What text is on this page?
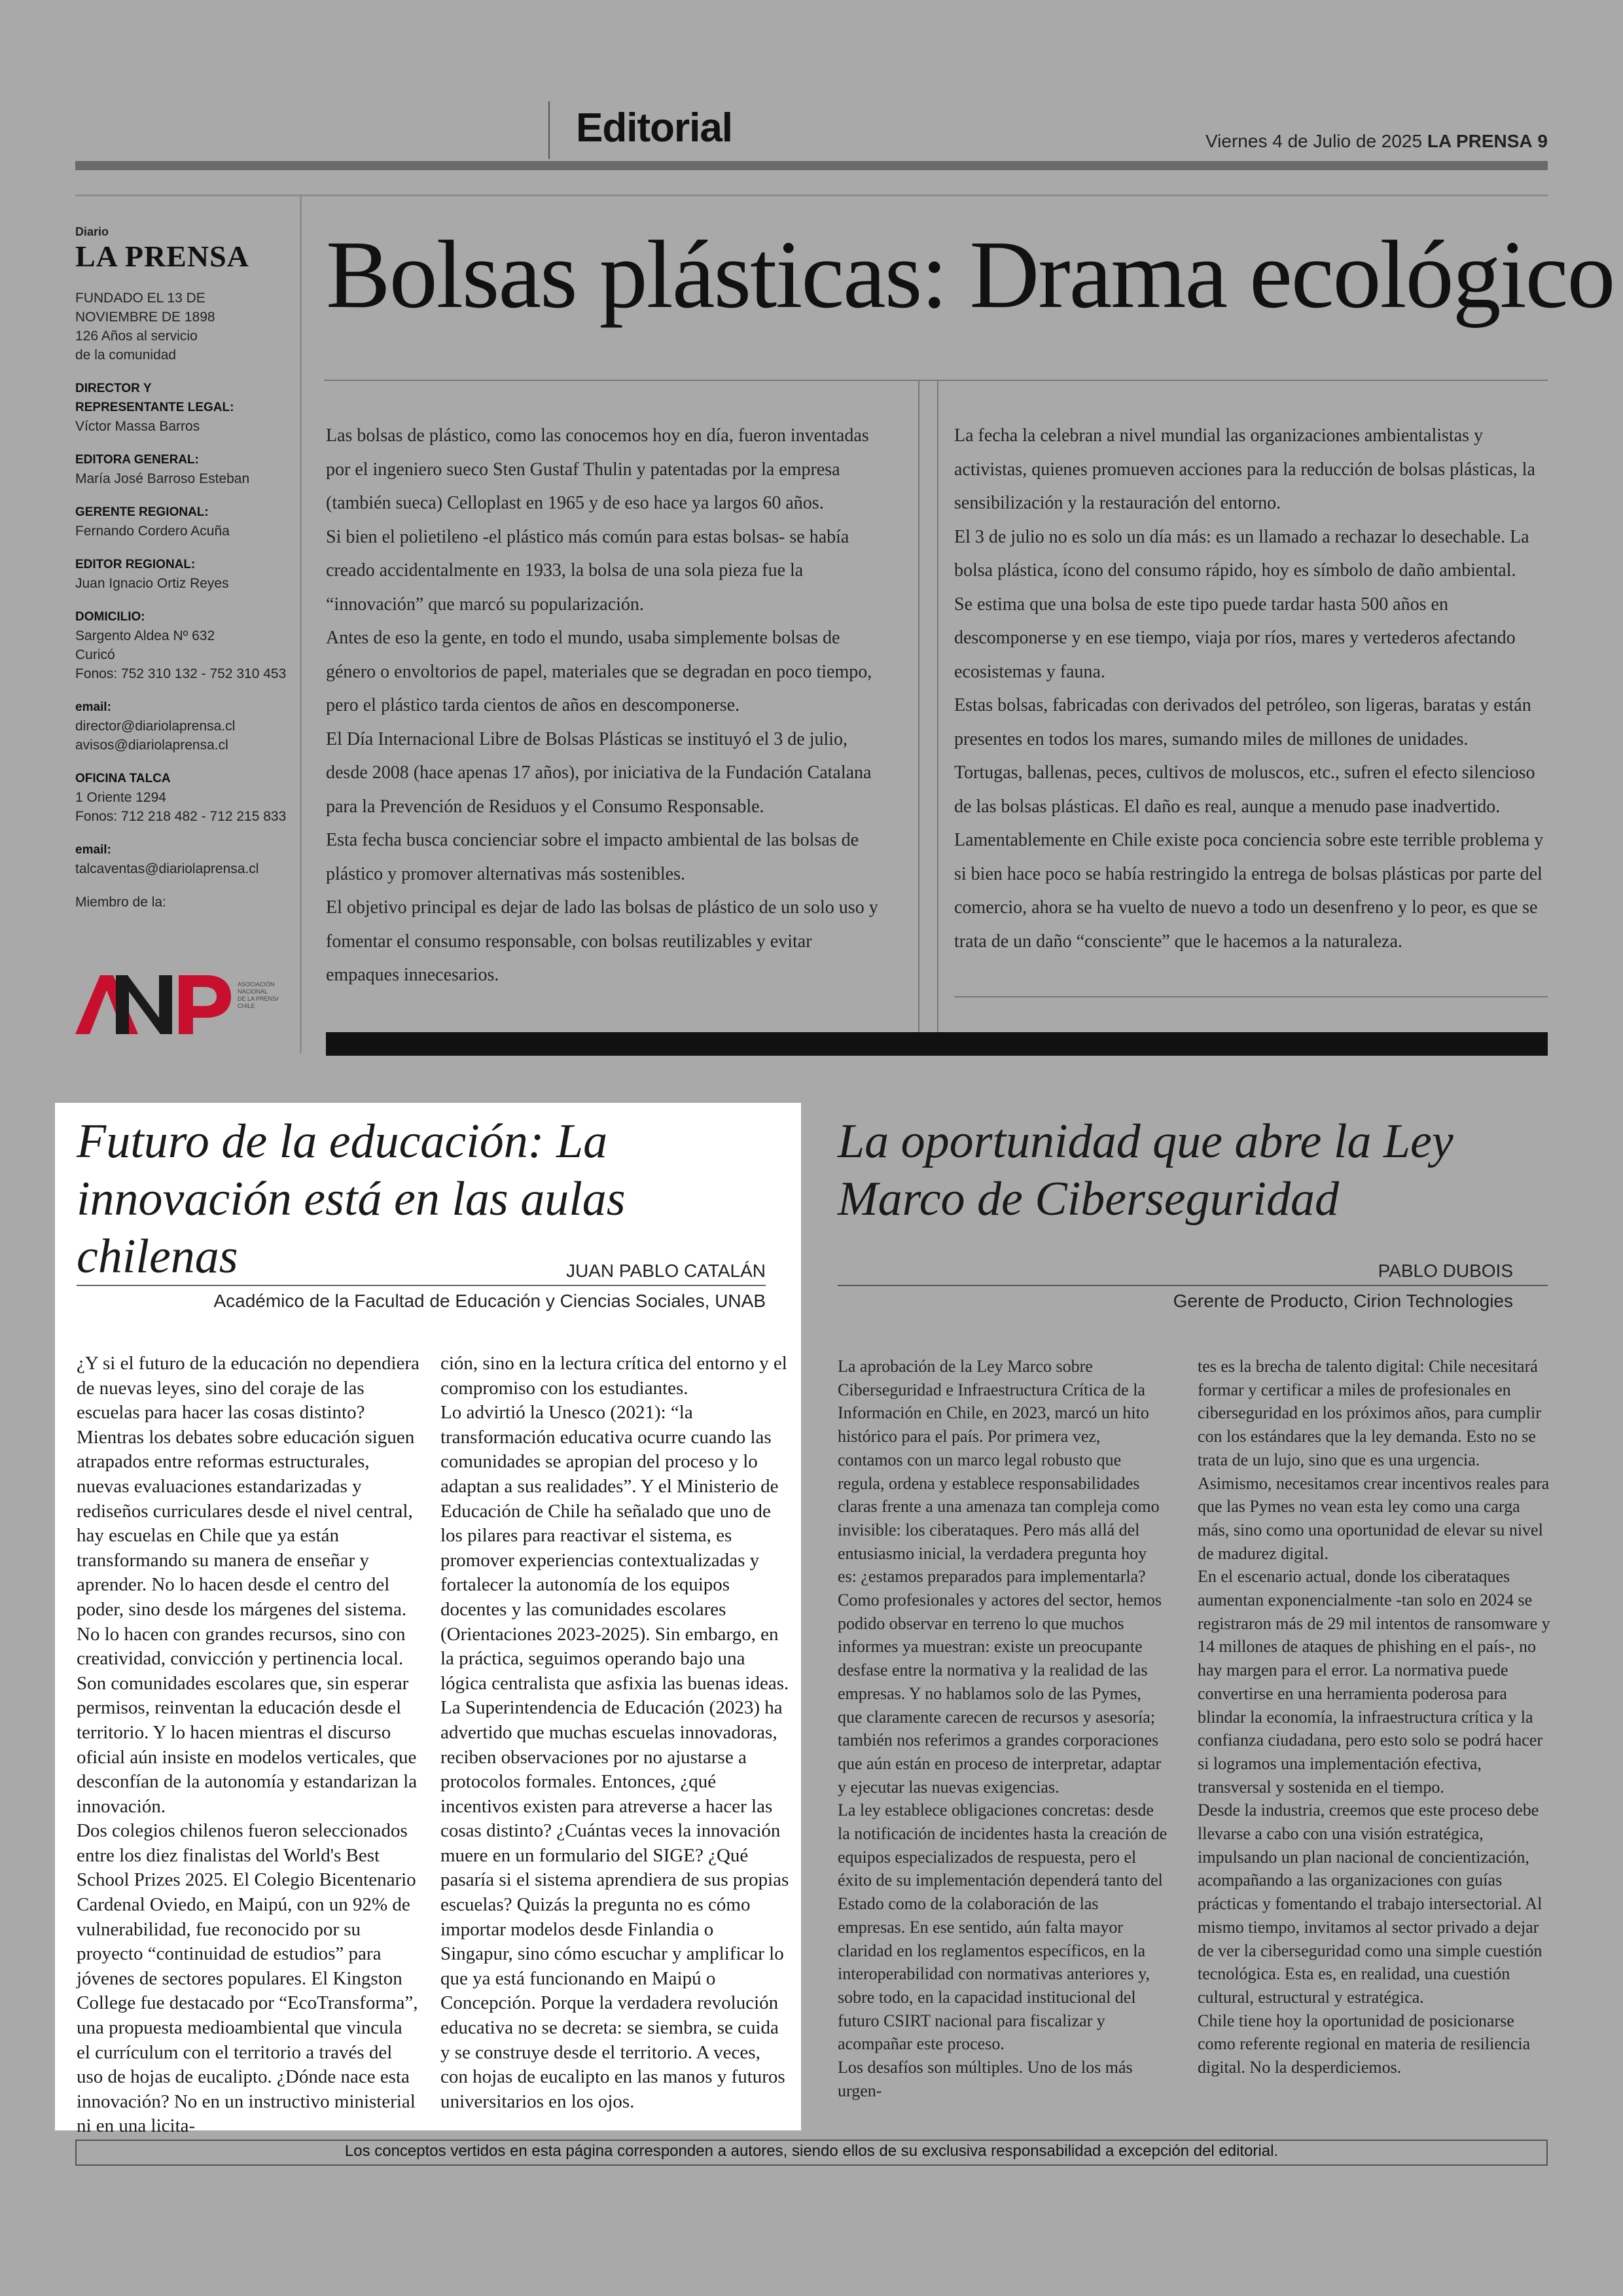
Editorial	Viernes 4 de Julio de 2025 LA PRENSA 9
Diario
LA PRENSA
FUNDADO EL 13 DE
NOVIEMBRE DE 1898
126 Años al servicio
de la comunidad
DIRECTOR Y
REPRESENTANTE LEGAL:
Víctor Massa Barros
EDITORA GENERAL:
María José Barroso Esteban
GERENTE REGIONAL:
Fernando Cordero Acuña
EDITOR REGIONAL:
Juan Ignacio Ortiz Reyes
DOMICILIO:
Sargento Aldea Nº 632
Curicó
Fonos: 752 310 132 - 752 310 453
email:
director@diariolaprensa.cl
avisos@diariolaprensa.cl
OFICINA TALCA
1 Oriente 1294
Fonos: 712 218 482 - 712 215 833
email:
talcaventas@diariolaprensa.cl
Miembro de la:
ASOCIACIÓN
NACIONAL
DE LA PRENSA
CHILE
Bolsas plásticas: Drama ecológico

Las bolsas de plástico, como las conocemos hoy en día, fueron inventadas por el ingeniero sueco Sten Gustaf Thulin y patentadas por la empresa (también sueca) Celloplast en 1965 y de eso hace ya largos 60 años.

Si bien el polietileno -el plástico más común para estas bolsas- se había creado accidentalmente en 1933, la bolsa de una sola pieza fue la “innovación” que marcó su popularización.

Antes de eso la gente, en todo el mundo, usaba simplemente bolsas de género o envoltorios de papel, materiales que se degradan en poco tiempo, pero el plástico tarda cientos de años en descomponerse.

El Día Internacional Libre de Bolsas Plásticas se instituyó el 3 de julio, desde 2008 (hace apenas 17 años), por iniciativa de la Fundación Catalana para la Prevención de Residuos y el Consumo Responsable.

Esta fecha busca concienciar sobre el impacto ambiental de las bolsas de plástico y promover alternativas más sostenibles.

El objetivo principal es dejar de lado las bolsas de plástico de un solo uso y fomentar el consumo responsable, con bolsas reutilizables y evitar empaques innecesarios.

La fecha la celebran a nivel mundial las organizaciones ambientalistas y activistas, quienes promueven acciones para la reducción de bolsas plásticas, la sensibilización y la restauración del entorno.

El 3 de julio no es solo un día más: es un llamado a rechazar lo desechable. La bolsa plástica, ícono del consumo rápido, hoy es símbolo de daño ambiental.

Se estima que una bolsa de este tipo puede tardar hasta 500 años en descomponerse y en ese tiempo, viaja por ríos, mares y vertederos afectando ecosistemas y fauna.

Estas bolsas, fabricadas con derivados del petróleo, son ligeras, baratas y están presentes en todos los mares, sumando miles de millones de unidades.

Tortugas, ballenas, peces, cultivos de moluscos, etc., sufren el efecto silencioso de las bolsas plásticas. El daño es real, aunque a menudo pase inadvertido.

Lamentablemente en Chile existe poca conciencia sobre este terrible problema y si bien hace poco se había restringido la entrega de bolsas plásticas por parte del comercio, ahora se ha vuelto de nuevo a todo un desenfreno y lo peor, es que se trata de un daño “consciente” que le hacemos a la naturaleza.

Futuro de la educación: La innovación está en las aulas chilenas	JUAN PABLO CATALÁN
Académico de la Facultad de Educación y Ciencias Sociales, UNAB

¿Y si el futuro de la educación no dependiera de nuevas leyes, sino del coraje de las escuelas para hacer las cosas distinto? Mientras los debates sobre educación siguen atrapados entre reformas estructurales, nuevas evaluaciones estandarizadas y rediseños curriculares desde el nivel central, hay escuelas en Chile que ya están transformando su manera de enseñar y aprender. No lo hacen desde el centro del poder, sino desde los márgenes del sistema. No lo hacen con grandes recursos, sino con creatividad, convicción y pertinencia local.

Son comunidades escolares que, sin esperar permisos, reinventan la educación desde el territorio. Y lo hacen mientras el discurso oficial aún insiste en modelos verticales, que desconfían de la autonomía y estandarizan la innovación.

Dos colegios chilenos fueron seleccionados entre los diez finalistas del World's Best School Prizes 2025. El Colegio Bicentenario Cardenal Oviedo, en Maipú, con un 92% de vulnerabilidad, fue reconocido por su proyecto “continuidad de estudios” para jóvenes de sectores populares. El Kingston College fue destacado por “EcoTransforma”, una propuesta medioambiental que vincula el currículum con el territorio a través del uso de hojas de eucalipto. ¿Dónde nace esta innovación? No en un instructivo ministerial ni en una licita-

ción, sino en la lectura crítica del entorno y el compromiso con los estudiantes.

Lo advirtió la Unesco (2021): “la transformación educativa ocurre cuando las comunidades se apropian del proceso y lo adaptan a sus realidades”. Y el Ministerio de Educación de Chile ha señalado que uno de los pilares para reactivar el sistema, es promover experiencias contextualizadas y fortalecer la autonomía de los equipos docentes y las comunidades escolares (Orientaciones 2023-2025). Sin embargo, en la práctica, seguimos operando bajo una lógica centralista que asfixia las buenas ideas.

La Superintendencia de Educación (2023) ha advertido que muchas escuelas innovadoras, reciben observaciones por no ajustarse a protocolos formales. Entonces, ¿qué incentivos existen para atreverse a hacer las cosas distinto? ¿Cuántas veces la innovación muere en un formulario del SIGE? ¿Qué pasaría si el sistema aprendiera de sus propias escuelas? Quizás la pregunta no es cómo importar modelos desde Finlandia o Singapur, sino cómo escuchar y amplificar lo que ya está funcionando en Maipú o Concepción. Porque la verdadera revolución educativa no se decreta: se siembra, se cuida y se construye desde el territorio. A veces, con hojas de eucalipto en las manos y futuros universitarios en los ojos.

La oportunidad que abre la Ley Marco de Ciberseguridad
PABLO DUBOIS
Gerente de Producto, Cirion Technologies

La aprobación de la Ley Marco sobre Ciberseguridad e Infraestructura Crítica de la Información en Chile, en 2023, marcó un hito histórico para el país. Por primera vez, contamos con un marco legal robusto que regula, ordena y establece responsabilidades claras frente a una amenaza tan compleja como invisible: los ciberataques. Pero más allá del entusiasmo inicial, la verdadera pregunta hoy es: ¿estamos preparados para implementarla?

Como profesionales y actores del sector, hemos podido observar en terreno lo que muchos informes ya muestran: existe un preocupante desfase entre la normativa y la realidad de las empresas. Y no hablamos solo de las Pymes, que claramente carecen de recursos y asesoría; también nos referimos a grandes corporaciones que aún están en proceso de interpretar, adaptar y ejecutar las nuevas exigencias.

La ley establece obligaciones concretas: desde la notificación de incidentes hasta la creación de equipos especializados de respuesta, pero el éxito de su implementación dependerá tanto del Estado como de la colaboración de las empresas. En ese sentido, aún falta mayor claridad en los reglamentos específicos, en la interoperabilidad con normativas anteriores y, sobre todo, en la capacidad institucional del futuro CSIRT nacional para fiscalizar y acompañar este proceso.

Los desafíos son múltiples. Uno de los más urgen-

tes es la brecha de talento digital: Chile necesitará formar y certificar a miles de profesionales en ciberseguridad en los próximos años, para cumplir con los estándares que la ley demanda. Esto no se trata de un lujo, sino que es una urgencia. Asimismo, necesitamos crear incentivos reales para que las Pymes no vean esta ley como una carga más, sino como una oportunidad de elevar su nivel de madurez digital.

En el escenario actual, donde los ciberataques aumentan exponencialmente -tan solo en 2024 se registraron más de 29 mil intentos de ransomware y 14 millones de ataques de phishing en el país-, no hay margen para el error. La normativa puede convertirse en una herramienta poderosa para blindar la economía, la infraestructura crítica y la confianza ciudadana, pero esto solo se podrá hacer si logramos una implementación efectiva, transversal y sostenida en el tiempo.

Desde la industria, creemos que este proceso debe llevarse a cabo con una visión estratégica, impulsando un plan nacional de concientización, acompañando a las organizaciones con guías prácticas y fomentando el trabajo intersectorial. Al mismo tiempo, invitamos al sector privado a dejar de ver la ciberseguridad como una simple cuestión tecnológica. Esta es, en realidad, una cuestión cultural, estructural y estratégica.

Chile tiene hoy la oportunidad de posicionarse como referente regional en materia de resiliencia digital. No la desperdiciemos.

Los conceptos vertidos en esta página corresponden a autores, siendo ellos de su exclusiva responsabilidad a excepción del editorial.
